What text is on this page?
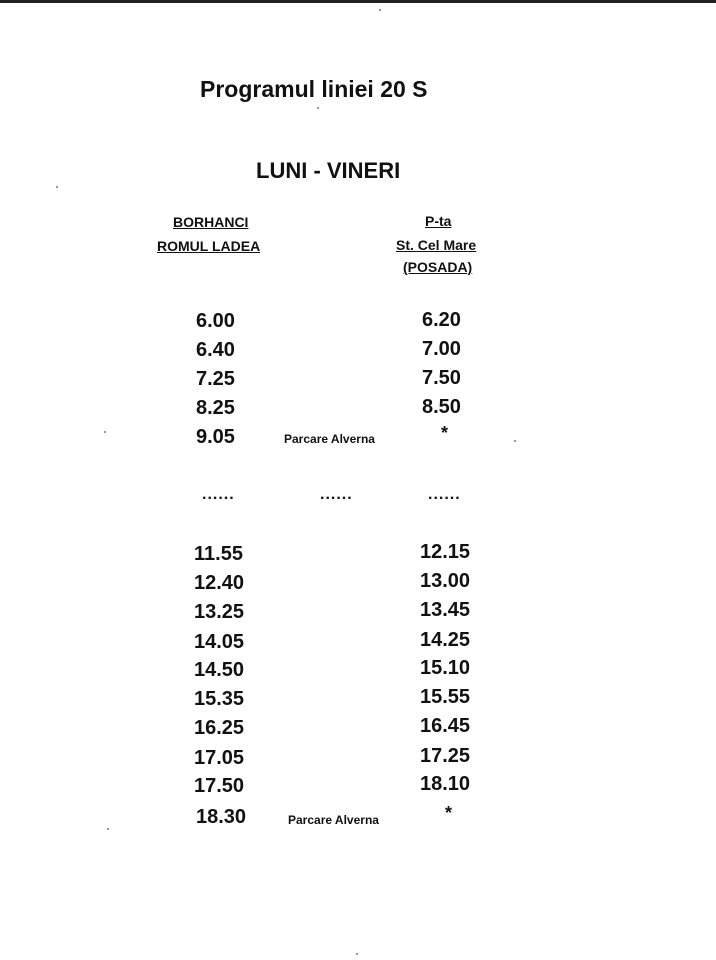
Programul liniei 20 S
LUNI - VINERI
BORHANCI
ROMUL LADEA
P-ta
St. Cel Mare
(POSADA)
6.00	6.20
6.40	7.00
7.25	7.50
8.25	8.50
9.05	Parcare Alverna	*
......	......	......
11.55	12.15
12.40	13.00
13.25	13.45
14.05	14.25
14.50	15.10
15.35	15.55
16.25	16.45
17.05	17.25
17.50	18.10
18.30	Parcare Alverna	*
